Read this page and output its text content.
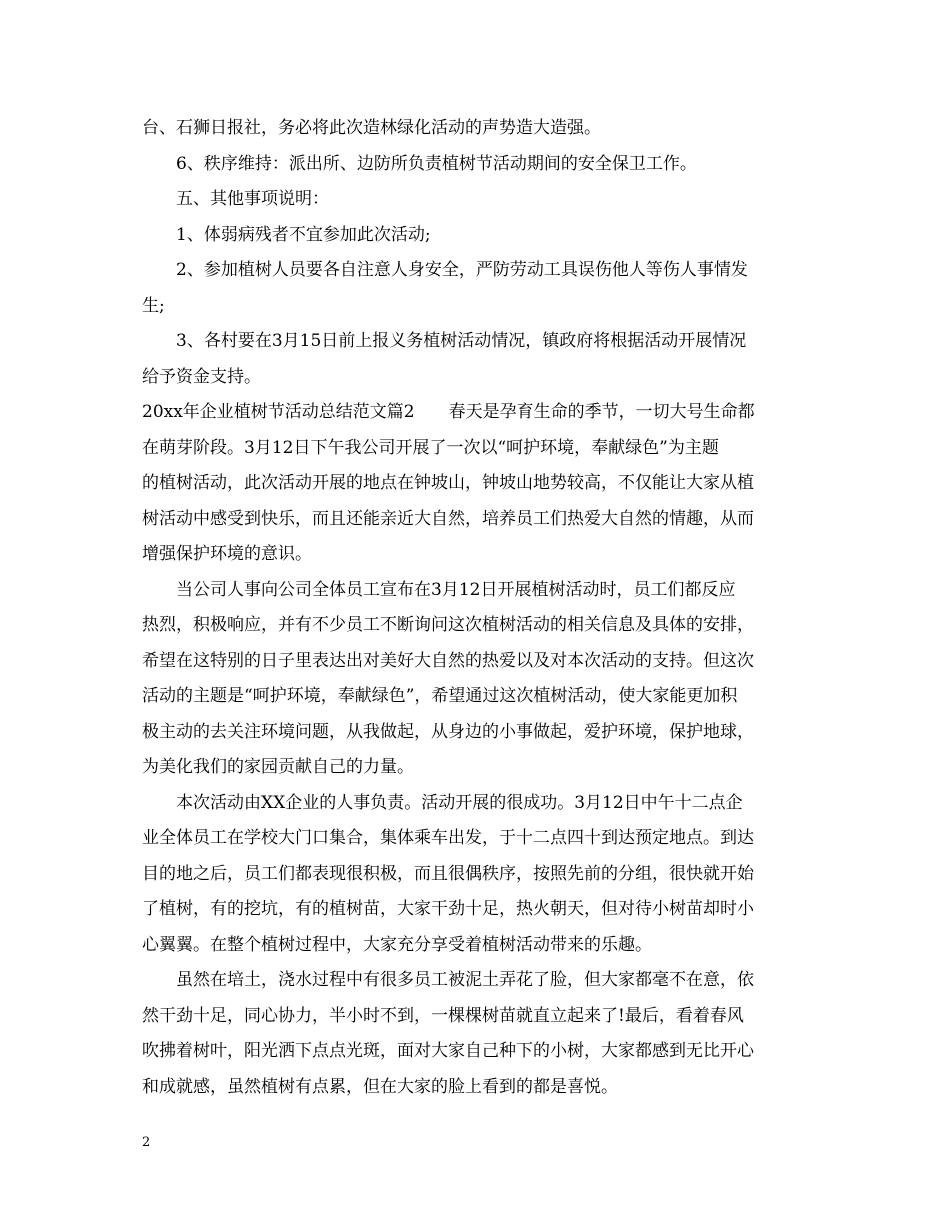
台、石狮日报社，务必将此次造林绿化活动的声势造大造强。
6、秩序维持：派出所、边防所负责植树节活动期间的安全保卫工作。
五、其他事项说明：
1、体弱病残者不宜参加此次活动;
2、参加植树人员要各自注意人身安全，严防劳动工具误伤他人等伤人事情发
生;
3、各村要在3月15日前上报义务植树活动情况，镇政府将根据活动开展情况
给予资金支持。
20xx年企业植树节活动总结范文篇2　　春天是孕育生命的季节，一切大号生命都
在萌芽阶段。3月12日下午我公司开展了一次以“呵护环境，奉献绿色”为主题
的植树活动，此次活动开展的地点在钟坡山，钟坡山地势较高，不仅能让大家从植
树活动中感受到快乐，而且还能亲近大自然，培养员工们热爱大自然的情趣，从而
增强保护环境的意识。
当公司人事向公司全体员工宣布在3月12日开展植树活动时，员工们都反应
热烈，积极响应，并有不少员工不断询问这次植树活动的相关信息及具体的安排，
希望在这特别的日子里表达出对美好大自然的热爱以及对本次活动的支持。但这次
活动的主题是“呵护环境，奉献绿色”，希望通过这次植树活动，使大家能更加积
极主动的去关注环境问题，从我做起，从身边的小事做起，爱护环境，保护地球，
为美化我们的家园贡献自己的力量。
本次活动由XX企业的人事负责。活动开展的很成功。3月12日中午十二点企
业全体员工在学校大门口集合，集体乘车出发，于十二点四十到达预定地点。到达
目的地之后，员工们都表现很积极，而且很偶秩序，按照先前的分组，很快就开始
了植树，有的挖坑，有的植树苗，大家干劲十足，热火朝天，但对待小树苗却时小
心翼翼。在整个植树过程中，大家充分享受着植树活动带来的乐趣。
虽然在培土，浇水过程中有很多员工被泥土弄花了脸，但大家都毫不在意，依
然干劲十足，同心协力，半小时不到，一棵棵树苗就直立起来了!最后，看着春风
吹拂着树叶，阳光洒下点点光斑，面对大家自己种下的小树，大家都感到无比开心
和成就感，虽然植树有点累，但在大家的脸上看到的都是喜悦。
2
